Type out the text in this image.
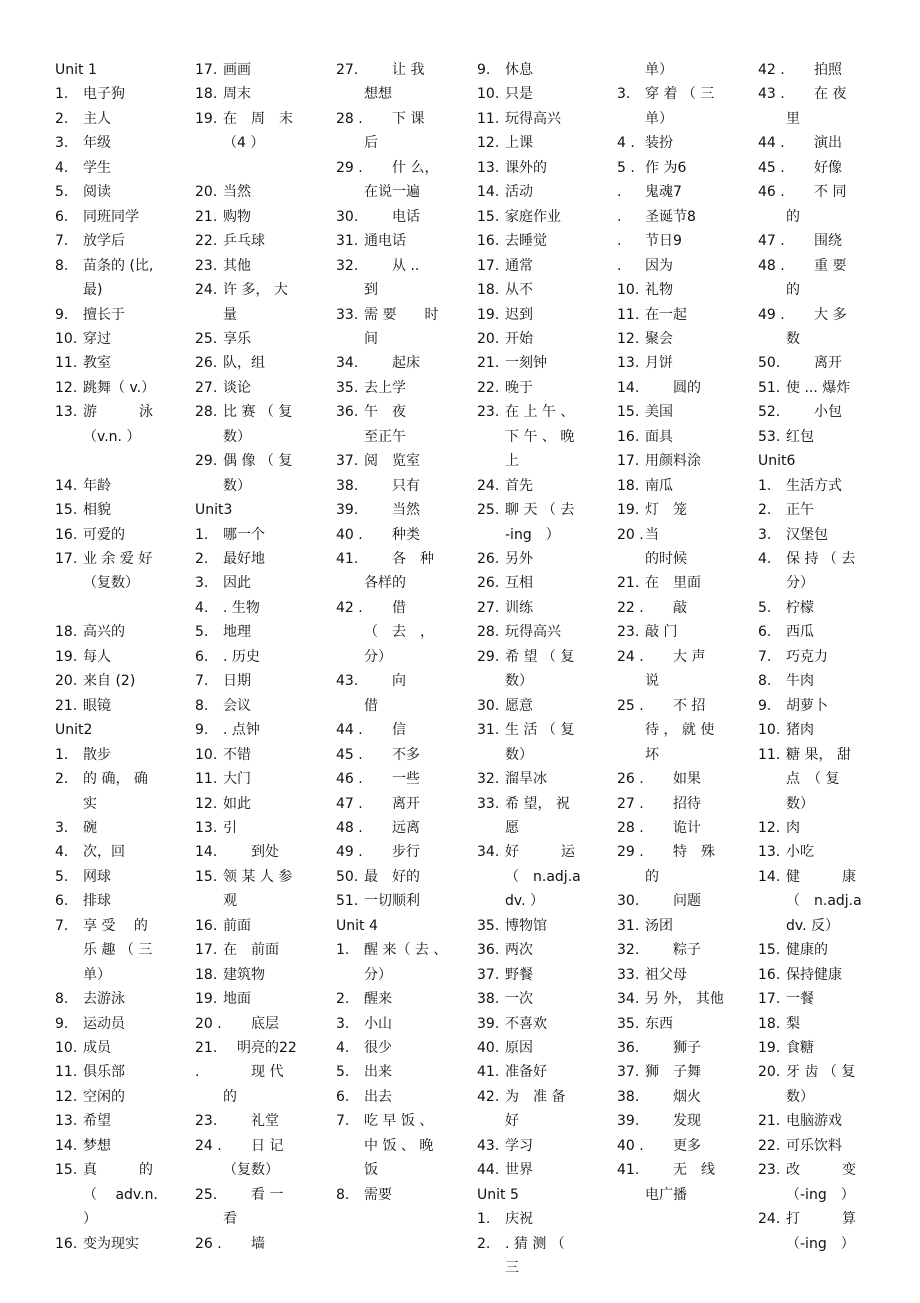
Unit 1
1. 电子狗
2. 主人
3. 年级
4. 学生
5. 阅读
6. 同班同学
7. 放学后
8. 苗条的 (比,
最)
9. 擅长于
10. 穿过
11. 教室
12. 跳舞（ v.）
13. 游　　　泳
（v.n. ）
14. 年龄
15. 相貌
16. 可爱的
17. 业 余 爱 好
（复数）
18. 高兴的
19. 每人
20. 来自 (2)
21. 眼镜
Unit2
1. 散步
2. 的 确， 确
实
3. 碗
4. 次，回
5. 网球
6. 排球
7. 享 受 　的
乐 趣 （ 三
单）
8. 去游泳
9. 运动员
10. 成员
11. 俱乐部
12. 空闲的
13. 希望
14. 梦想
15. 真　　　的
（ 　adv.n.
）
16. 变为现实
17. 画画
18. 周末
19. 在　周　末
（4 ）
20. 当然
21. 购物
22. 乒乓球
23. 其他
24. 许 多， 大
量
25. 享乐
26. 队，组
27. 谈论
28. 比 赛 （ 复
数）
29. 偶 像 （ 复
数）
Unit3
1. 哪一个
2. 最好地
3. 因此
4. . 生物
5. 地理
6. . 历史
7. 日期
8. 会议
9. . 点钟
10. 不错
11. 大门
12. 如此
13. 引
14. 　　到处
15. 领 某 人 参
观
16. 前面
17. 在　前面
18. 建筑物
19. 地面
20 . 　　底层
21. 　明亮的22
. 　　现 代
的
23. 　　礼堂
24 . 　　日 记
（复数）
25. 　　看 一
看
26 . 　　墙
27. 　　让 我
想想
28 . 　　下 课
后
29 . 　　什 么，
在说一遍
30. 　　电话
31. 通电话
32. 　　从 ..
到
33. 需 要　　时
间
34. 　　起床
35. 去上学
36. 午　夜
至正午
37. 阅　览室
38. 　　只有
39. 　　当然
40 . 　　种类
41. 　　各　种
各样的
42 . 　　借
（　去　，
分）
43. 　　向
借
44 . 　　信
45 . 　　不多
46 . 　　一些
47 . 　　离开
48 . 　　远离
49 . 　　步行
50. 最　好的
51. 一切顺利
Unit 4
1. 醒 来（ 去 、
分）
2. 醒来
3. 小山
4. 很少
5. 出来
6. 出去
7. 吃 早 饭 、
中 饭 、 晚
饭
8. 需要
9. 休息
10. 只是
11. 玩得高兴
12. 上课
13. 课外的
14. 活动
15. 家庭作业
16. 去睡觉
17. 通常
18. 从不
19. 迟到
20. 开始
21. 一刻钟
22. 晚于
23. 在 上 午 、
下 午 、 晚
上
24. 首先
25. 聊 天 （ 去
-ing　）
26. 另外
26. 互相
27. 训练
28. 玩得高兴
29. 希 望 （ 复
数）
30. 愿意
31. 生 活 （ 复
数）
32. 溜旱冰
33. 希 望， 祝
愿
34. 好　　　运
（　n.adj.a
dv. ）
35. 博物馆
36. 两次
37. 野餐
38. 一次
39. 不喜欢
40. 原因
41. 准备好
42. 为　准 备
好
43. 学习
44. 世界
Unit 5
1. 庆祝
2. . 猜 测 （
三
单）
3. 穿 着 （ 三
单）
4 . 装扮
5 . 作 为6
. 鬼魂7
. 圣诞节8
. 节日9
. 因为
10. 礼物
11. 在一起
12. 聚会
13. 月饼
14. 　　圆的
15. 美国
16. 面具
17. 用颜料涂
18. 南瓜
19. 灯　笼
20 . 当
的时候
21. 在　里面
22 . 　　敲
23. 敲 门
24 . 　　大 声
说
25 . 　　不 招
待 ， 就 使
坏
26 . 　　如果
27 . 　　招待
28 . 　　诡计
29 . 　　特　殊
的
30. 　　问题
31. 汤团
32. 　　粽子
33. 祖父母
34. 另 外， 其他
35. 东西
36. 　　狮子
37. 狮　子舞
38. 　　烟火
39. 　　发现
40 . 　　更多
41. 　　无　线
电广播
42 . 　　拍照
43 . 　　在 夜
里
44 . 　　演出
45 . 　　好像
46 . 　　不 同
的
47 . 　　围绕
48 . 　　重 要
的
49 . 　　大 多
数
50. 　　离开
51. 使 ... 爆炸
52. 　　小包
53. 红包
Unit6
1. 生活方式
2. 正午
3. 汉堡包
4. 保 持 （ 去
分）
5. 柠檬
6. 西瓜
7. 巧克力
8. 牛肉
9. 胡萝卜
10. 猪肉
11. 糖 果， 甜
点　（ 复
数）
12. 肉
13. 小吃
14. 健　　　康
（　n.adj.a
dv. 反）
15. 健康的
16. 保持健康
17. 一餐
18. 梨
19. 食糖
20. 牙 齿 （ 复
数）
21. 电脑游戏
22. 可乐饮料
23. 改　　　变
（-ing　）
24. 打　　　算
（-ing　）
